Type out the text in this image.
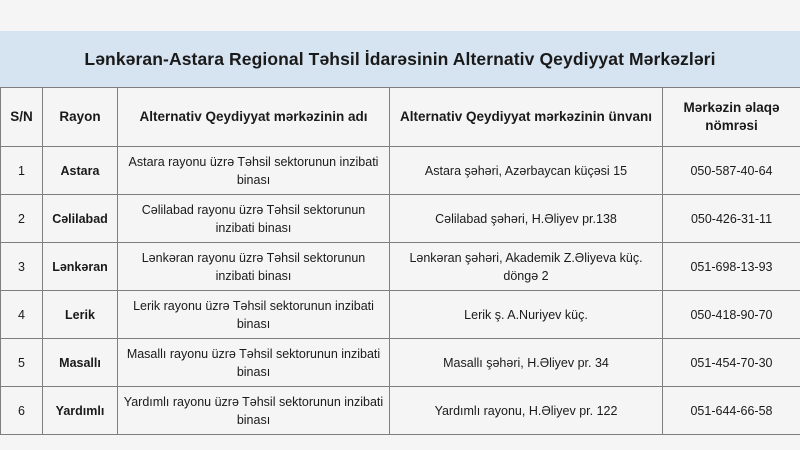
Lənkəran-Astara Regional Təhsil İdarəsinin Alternativ Qeydiyyat Mərkəzləri
S/N	Rayon	Alternativ Qeydiyyat mərkəzinin adı	Alternativ Qeydiyyat mərkəzinin ünvanı	Mərkəzin əlaqə nömrəsi
1	Astara	Astara rayonu üzrə Təhsil sektorunun inzibati binası	Astara şəhəri, Azərbaycan küçəsi 15	050-587-40-64
2	Cəlilabad	Cəlilabad rayonu üzrə Təhsil sektorunun inzibati binası	Cəlilabad şəhəri, H.Əliyev pr.138	050-426-31-11
3	Lənkəran	Lənkəran rayonu üzrə Təhsil sektorunun inzibati binası	Lənkəran şəhəri, Akademik Z.Əliyeva küç. döngə 2	051-698-13-93
4	Lerik	Lerik rayonu üzrə Təhsil sektorunun inzibati binası	Lerik ş. A.Nuriyev küç.	050-418-90-70
5	Masallı	Masallı rayonu üzrə Təhsil sektorunun inzibati binası	Masallı şəhəri, H.Əliyev pr. 34	051-454-70-30
6	Yardımlı	Yardımlı rayonu üzrə Təhsil sektorunun inzibati binası	Yardımlı rayonu, H.Əliyev pr. 122	051-644-66-58
